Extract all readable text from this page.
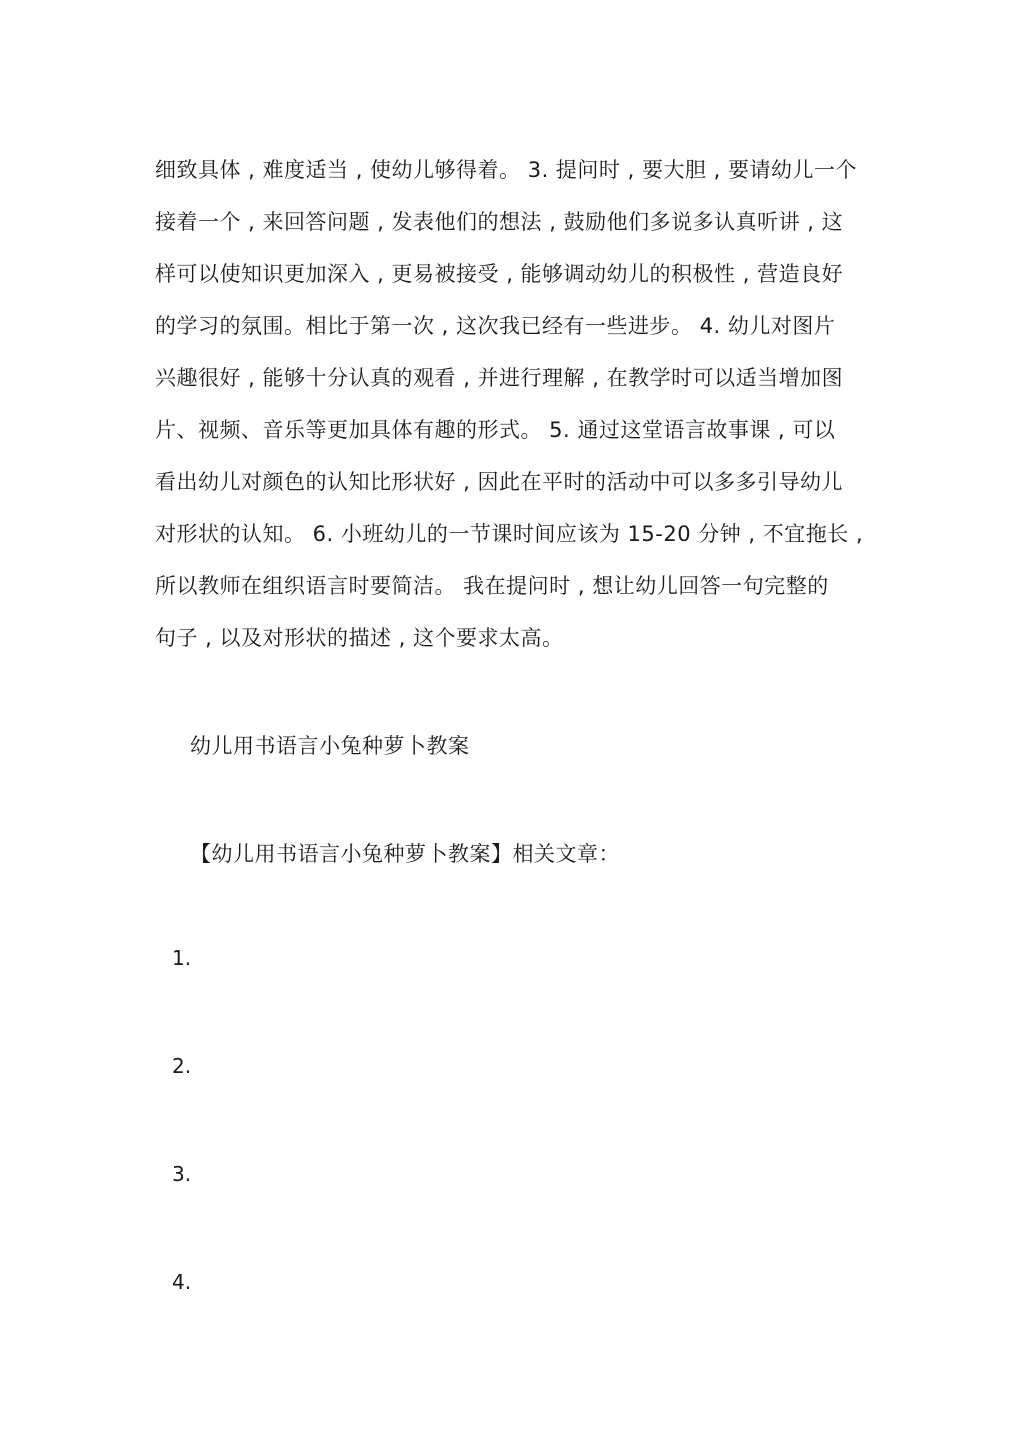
细致具体 , 难度适当 , 使幼儿够得着。 3. 提问时 , 要大胆 , 要请幼儿一个
接着一个 , 来回答问题 , 发表他们的想法 , 鼓励他们多说多认真听讲 , 这
样可以使知识更加深入 , 更易被接受 , 能够调动幼儿的积极性 , 营造良好
的学习的氛围。相比于第一次 , 这次我已经有一些进步。 4. 幼儿对图片
兴趣很好 , 能够十分认真的观看 , 并进行理解 , 在教学时可以适当增加图
片、视频、音乐等更加具体有趣的形式。 5. 通过这堂语言故事课 , 可以
看出幼儿对颜色的认知比形状好 , 因此在平时的活动中可以多多引导幼儿
对形状的认知。 6. 小班幼儿的一节课时间应该为 15-20 分钟 , 不宜拖长 ,
所以教师在组织语言时要简洁。 我在提问时 , 想让幼儿回答一句完整的
句子 , 以及对形状的描述 , 这个要求太高。
幼儿用书语言小兔种萝卜教案
【幼儿用书语言小兔种萝卜教案】相关文章：
1.
2.
3.
4.
